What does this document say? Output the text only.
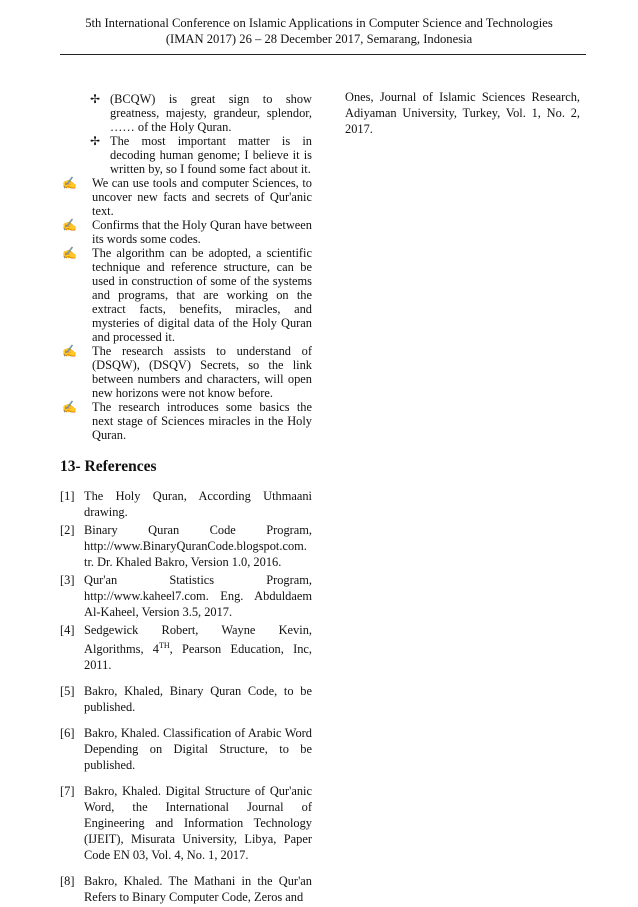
5th International Conference on Islamic Applications in Computer Science and Technologies
(IMAN 2017) 26 – 28 December 2017, Semarang, Indonesia
✢ (BCQW) is great sign to show greatness, majesty, grandeur, splendor, …… of the Holy Quran.
✢ The most important matter is in decoding human genome; I believe it is written by, so I found some fact about it.
✍	We can use tools and computer Sciences, to uncover new facts and secrets of Qur'anic text.
✍	Confirms that the Holy Quran have between its words some codes.
✍	The algorithm can be adopted, a scientific technique and reference structure, can be used in construction of some of the systems and programs, that are working on the extract facts, benefits, miracles, and mysteries of digital data of the Holy Quran and processed it.
✍	The research assists to understand of (DSQW), (DSQV) Secrets, so the link between numbers and characters, will open new horizons were not know before.
✍	The research introduces some basics the next stage of Sciences miracles in the Holy Quran.
13- References
[1] The Holy Quran, According Uthmaani drawing.
[2] Binary Quran Code Program, http://www.BinaryQuranCode.blogspot.com. tr. Dr. Khaled Bakro, Version 1.0, 2016.
[3] Qur'an Statistics Program, http://www.kaheel7.com. Eng. Abduldaem Al-Kaheel, Version 3.5, 2017.
[4] Sedgewick Robert, Wayne Kevin, Algorithms, 4TH, Pearson Education, Inc, 2011.
[5] Bakro, Khaled, Binary Quran Code, to be published.
[6] Bakro, Khaled. Classification of Arabic Word Depending on Digital Structure, to be published.
[7] Bakro, Khaled. Digital Structure of Qur'anic Word, the International Journal of Engineering and Information Technology (IJEIT), Misurata University, Libya, Paper Code EN 03, Vol. 4, No. 1, 2017.
[8] Bakro, Khaled. The Mathani in the Qur'an Refers to Binary Computer Code, Zeros and
Ones, Journal of Islamic Sciences Research, Adiyaman University, Turkey, Vol. 1, No. 2, 2017.
